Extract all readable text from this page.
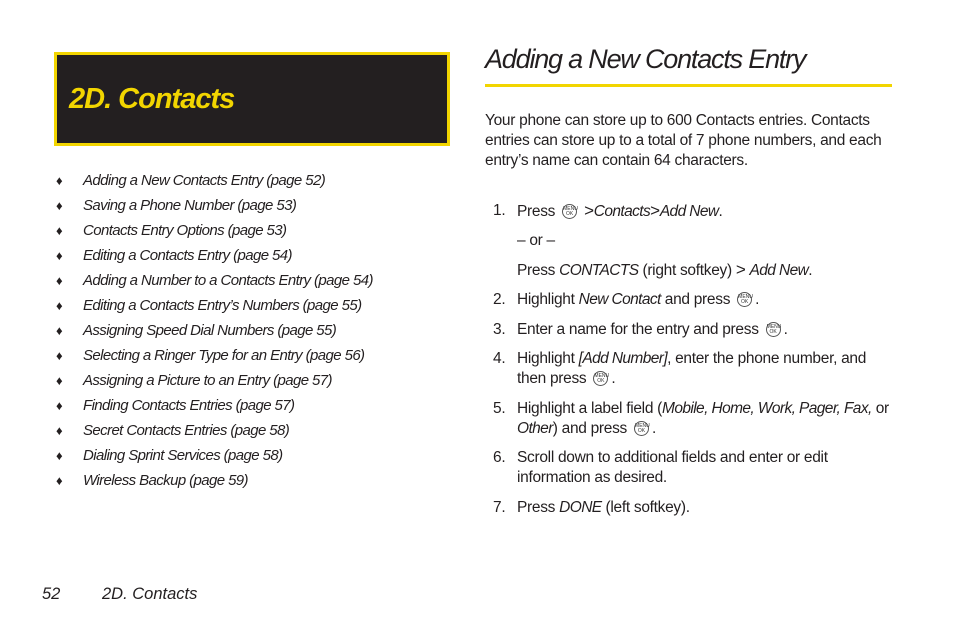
2D. Contacts
♦	Adding a New Contacts Entry (page 52)
♦	Saving a Phone Number (page 53)
♦	Contacts Entry Options (page 53)
♦	Editing a Contacts Entry (page 54)
♦	Adding a Number to a Contacts Entry (page 54)
♦	Editing a Contacts Entry’s Numbers (page 55)
♦	Assigning Speed Dial Numbers (page 55)
♦	Selecting a Ringer Type for an Entry (page 56)
♦	Assigning a Picture to an Entry (page 57)
♦	Finding Contacts Entries (page 57)
♦	Secret Contacts Entries (page 58)
♦	Dialing Sprint Services (page 58)
♦	Wireless Backup (page 59)
Adding a New Contacts Entry

Your phone can store up to 600 Contacts entries. Contacts entries can store up to a total of 7 phone numbers, and each entry’s name can contain 64 characters.

1. Press MENU
OK >Contacts>Add New.
– or –
Press CONTACTS (right softkey) > Add New.
2. Highlight New Contact and press MENU
OK .
3. Enter a name for the entry and press MENU
OK .
4. Highlight [Add Number], enter the phone number, and then press MENU
OK .
5. Highlight a label field (Mobile, Home, Work, Pager, Fax, or Other) and press MENU
OK .
6. Scroll down to additional fields and enter or edit information as desired.
7. Press DONE (left softkey).
52	2D. Contacts
